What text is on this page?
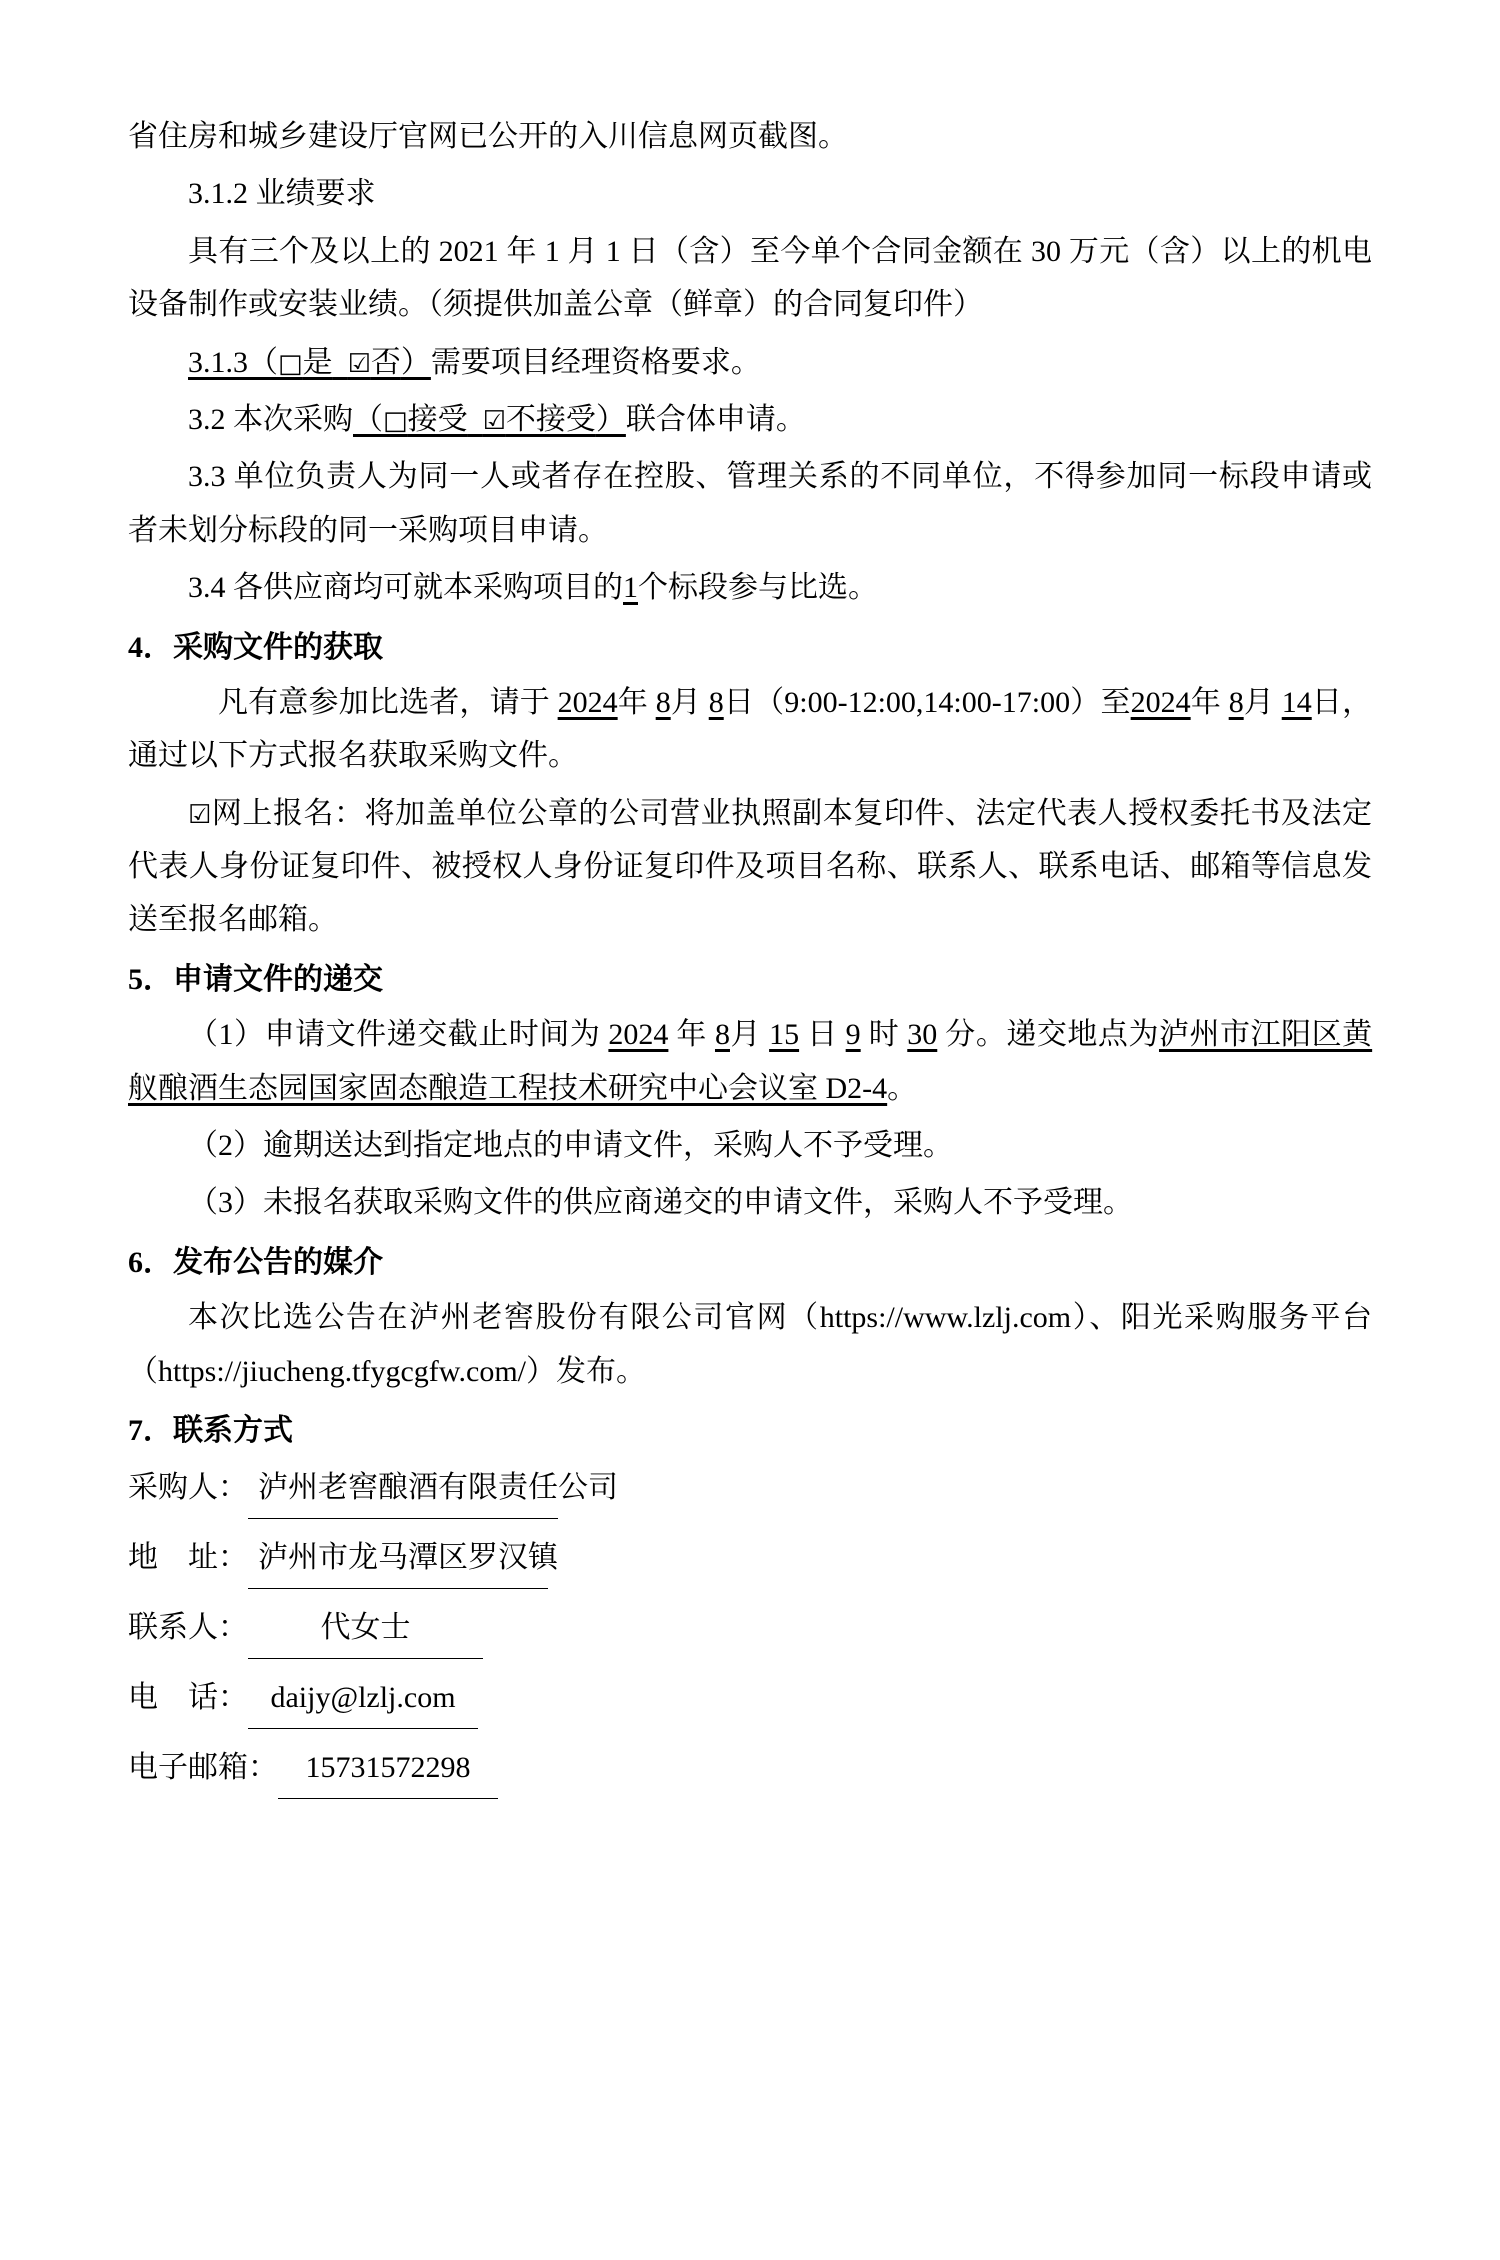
省住房和城乡建设厅官网已公开的入川信息网页截图。

3.1.2 业绩要求

具有三个及以上的 2021 年 1 月 1 日（含）至今单个合同金额在 30 万元（含）以上的机电设备制作或安装业绩。（须提供加盖公章（鲜章）的合同复印件）

3.1.3（□是 ☑否）需要项目经理资格要求。

3.2 本次采购（□接受 ☑不接受）联合体申请。

3.3 单位负责人为同一人或者存在控股、管理关系的不同单位，不得参加同一标段申请或者未划分标段的同一采购项目申请。

3.4 各供应商均可就本采购项目的1个标段参与比选。

4．采购文件的获取

凡有意参加比选者，请于 2024年 8月 8日（9:00-12:00,14:00-17:00）至2024年 8月 14日，通过以下方式报名获取采购文件。

☑网上报名：将加盖单位公章的公司营业执照副本复印件、法定代表人授权委托书及法定代表人身份证复印件、被授权人身份证复印件及项目名称、联系人、联系电话、邮箱等信息发送至报名邮箱。

5．申请文件的递交

（1）申请文件递交截止时间为 2024 年 8月 15 日 9 时 30 分。递交地点为泸州市江阳区黄舣酿酒生态园国家固态酿造工程技术研究中心会议室 D2-4。

（2）逾期送达到指定地点的申请文件，采购人不予受理。

（3）未报名获取采购文件的供应商递交的申请文件，采购人不予受理。

6．发布公告的媒介

本次比选公告在泸州老窖股份有限公司官网（https://www.lzlj.com）、阳光采购服务平台（https://jiucheng.tfygcgfw.com/）发布。

7．联系方式

采购人： 泸州老窖酿酒有限责任公司

地　址： 泸州市龙马潭区罗汉镇

联系人： 代女士

电　话： daijy@lzlj.com

电子邮箱： 15731572298
